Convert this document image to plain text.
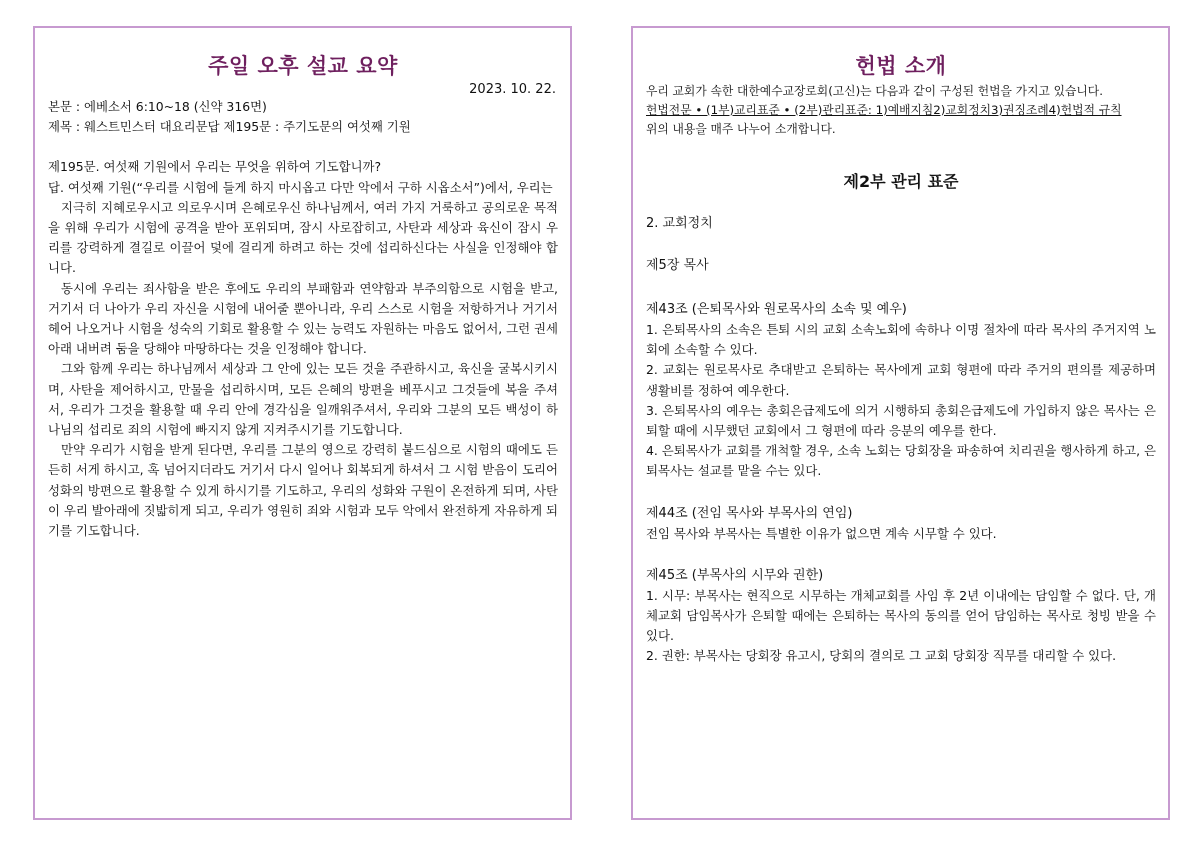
주일 오후 설교 요약
2023. 10. 22.
본문 : 에베소서 6:10~18 (신약 316면)
제목 : 웨스트민스터 대요리문답 제195문 : 주기도문의 여섯째 기원
제195문. 여섯째 기원에서 우리는 무엇을 위하여 기도합니까?

답. 여섯째 기원(“우리를 시험에 들게 하지 마시옵고 다만 악에서 구하 시옵소서”)에서, 우리는

지극히 지혜로우시고 의로우시며 은혜로우신 하나님께서, 여러 가지 거룩하고 공의로운 목적을 위해 우리가 시험에 공격을 받아 포위되며, 잠시 사로잡히고, 사탄과 세상과 육신이 잠시 우리를 강력하게 결길로 이끌어 덫에 걸리게 하려고 하는 것에 섭리하신다는 사실을 인정해야 합니다.

동시에 우리는 죄사함을 받은 후에도 우리의 부패함과 연약함과 부주의함으로 시험을 받고, 거기서 더 나아가 우리 자신을 시험에 내어줄 뿐아니라, 우리 스스로 시험을 저항하거나 거기서 헤어 나오거나 시험을 성숙의 기회로 활용할 수 있는 능력도 자원하는 마음도 없어서, 그런 권세 아래 내버려 둠을 당해야 마땅하다는 것을 인정해야 합니다.

그와 함께 우리는 하나님께서 세상과 그 안에 있는 모든 것을 주관하시고, 육신을 굴복시키시며, 사탄을 제어하시고, 만물을 섭리하시며, 모든 은혜의 방편을 베푸시고 그것들에 복을 주셔서, 우리가 그것을 활용할 때 우리 안에 경각심을 일깨워주셔서, 우리와 그분의 모든 백성이 하나님의 섭리로 죄의 시험에 빠지지 않게 지켜주시기를 기도합니다.

만약 우리가 시험을 받게 된다면, 우리를 그분의 영으로 강력히 붙드심으로 시험의 때에도 든든히 서게 하시고, 혹 넘어지더라도 거기서 다시 일어나 회복되게 하셔서 그 시험 받음이 도리어 성화의 방편으로 활용할 수 있게 하시기를 기도하고, 우리의 성화와 구원이 온전하게 되며, 사탄이 우리 발아래에 짓밟히게 되고, 우리가 영원히 죄와 시험과 모두 악에서 완전하게 자유하게 되기를 기도합니다.

헌법 소개

우리 교회가 속한 대한예수교장로회(고신)는 다음과 같이 구성된 헌법을 가지고 있습니다.

헌법전문 • (1부)교리표준 • (2부)관리표준: 1)예배지침2)교회정치3)권징조례4)헌법적 규칙

위의 내용을 매주 나누어 소개합니다.

제2부 관리 표준

2. 교회정치

제5장 목사

제43조 (은퇴목사와 원로목사의 소속 및 예우)

1. 은퇴목사의 소속은 튼퇴 시의 교회 소속노회에 속하나 이명 절차에 따라 목사의 주거지역 노회에 소속할 수 있다.

2. 교회는 원로목사로 추대받고 은퇴하는 목사에게 교회 형편에 따라 주거의 편의를 제공하며 생활비를 정하여 예우한다.

3. 은퇴목사의 예우는 총회은급제도에 의거 시행하되 총회은급제도에 가입하지 않은 목사는 은퇴할 때에 시무했던 교회에서 그 형편에 따라 응분의 예우를 한다.

4. 은퇴목사가 교회를 개척할 경우, 소속 노회는 당회장을 파송하여 치리권을 행사하게 하고, 은퇴목사는 설교를 맡을 수는 있다.

제44조 (전임 목사와 부목사의 연임)

전임 목사와 부목사는 특별한 이유가 없으면 계속 시무할 수 있다.

제45조 (부목사의 시무와 권한)

1. 시무: 부목사는 현직으로 시무하는 개체교회를 사임 후 2년 이내에는 담임할 수 없다. 단, 개체교회 담임목사가 은퇴할 때에는 은퇴하는 목사의 동의를 얻어 담임하는 목사로 청빙 받을 수 있다.

2. 권한: 부목사는 당회장 유고시, 당회의 결의로 그 교회 당회장 직무를 대리할 수 있다.
